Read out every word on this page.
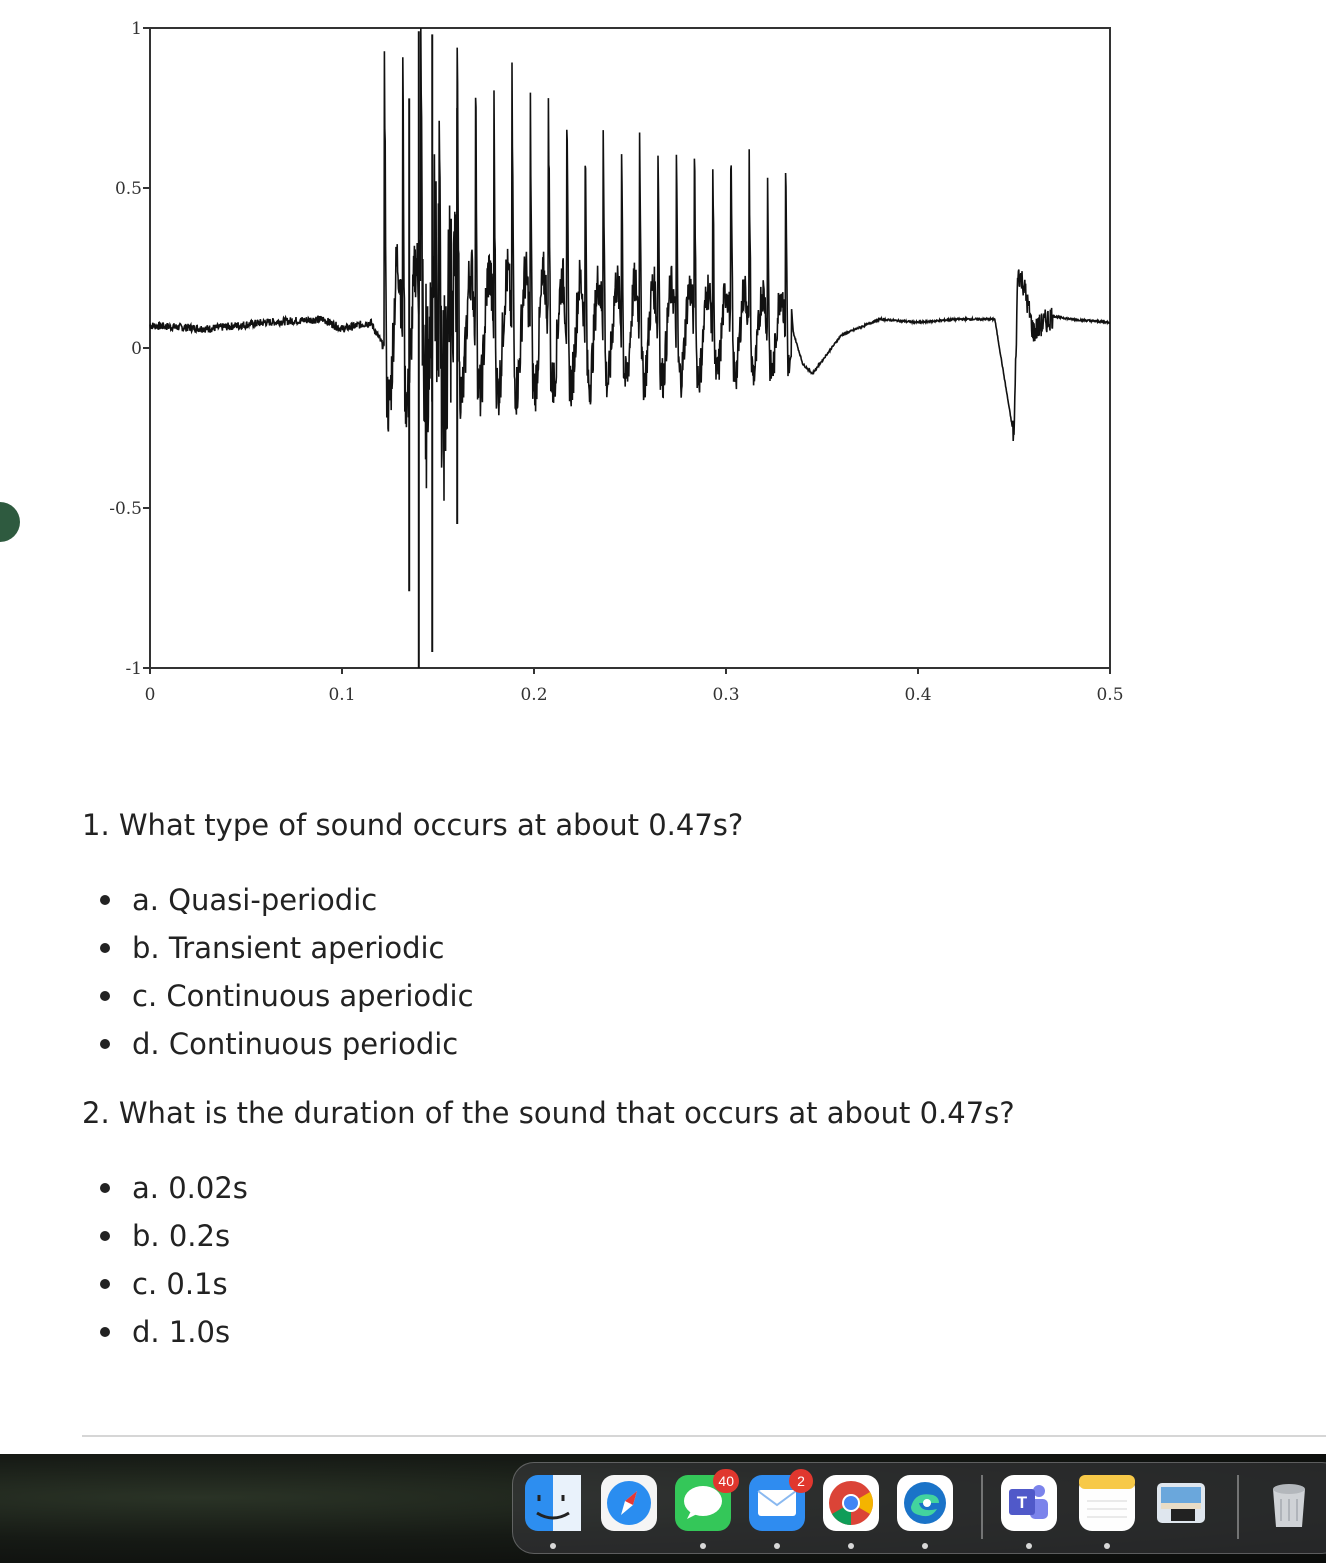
1
0.5
0
-0.5
-1
0	0.1	0.2	0.3	0.4	0.5
1. What type of sound occurs at about 0.47s?
a. Quasi-periodic
b. Transient aperiodic
c. Continuous aperiodic
d. Continuous periodic
2. What is the duration of the sound that occurs at about 0.47s?
a. 0.02s
b. 0.2s
c. 0.1s
d. 1.0s
40	2
T
